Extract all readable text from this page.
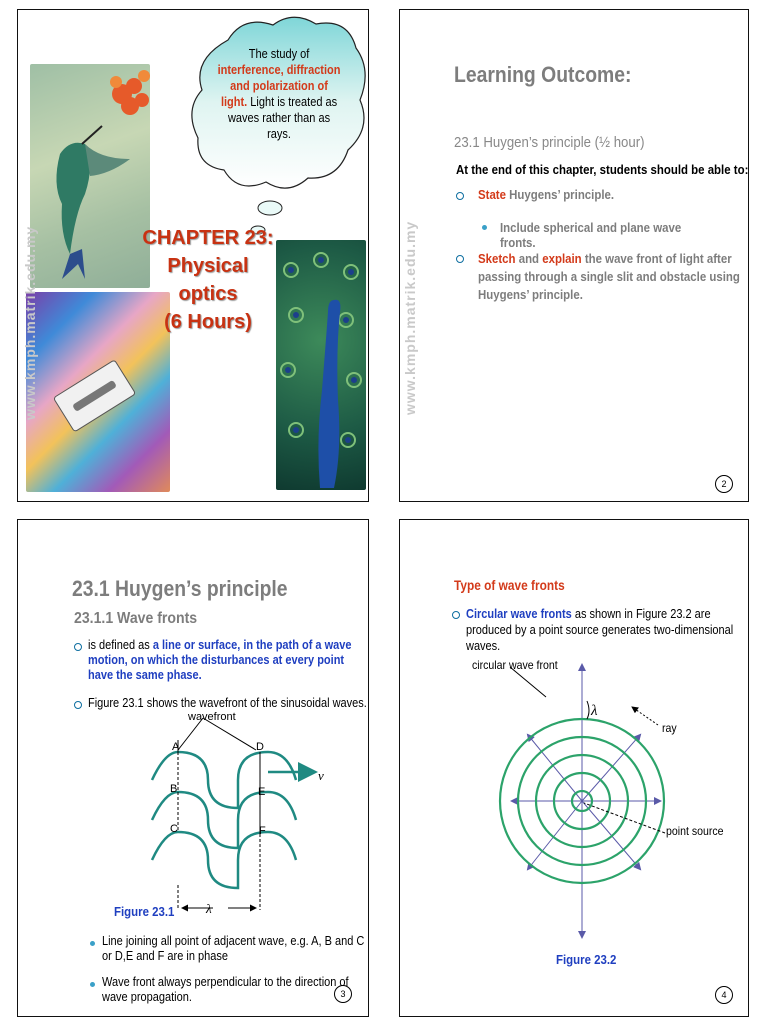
The study of
interference, diffraction
and polarization of
light. Light is treated as
waves rather than as
rays.
CHAPTER 23:
Physical optics
(6 Hours)
www.kmph.matrik.edu.my
Learning Outcome:
23.1 Huygen’s principle (½ hour)
At the end of this chapter, students should be able to:
State Huygens’ principle.
Include spherical and plane wave fronts.
Sketch and explain the wave front of light after passing through a single slit and obstacle using Huygens’ principle.
www.kmph.matrik.edu.my
2
23.1 Huygen’s principle
23.1.1 Wave fronts
is defined as a line or surface, in the path of a wave motion, on which the disturbances at every point have the same phase.
Figure 23.1 shows the wavefront of the sinusoidal waves.
λ
v
wavefront
A
B
C
D
E
F
Figure 23.1
Line joining all point of adjacent wave, e.g. A, B and C or D,E and F are in phase
Wave front always perpendicular to the direction of wave propagation.	3
Type of wave fronts
Circular wave fronts as shown in Figure 23.2 are produced by a point source generates two-dimensional waves.
λ
circular wave front
ray
point source
Figure 23.2
4
